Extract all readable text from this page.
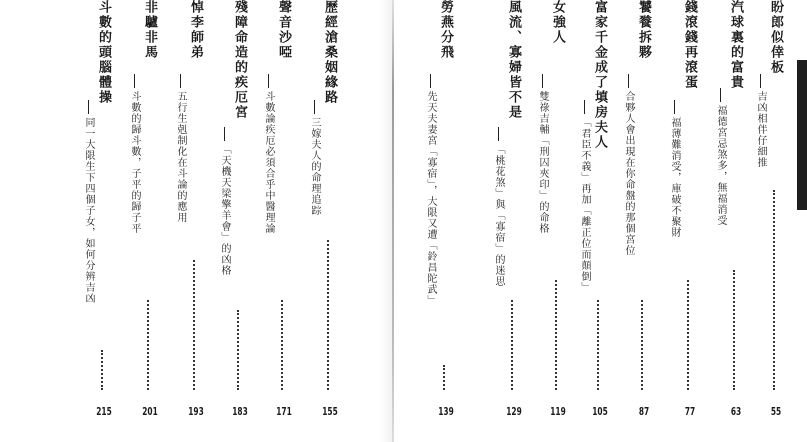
歷經滄桑姻緣路
三嫁夫人的命理追踪
155
聲音沙啞
斗數論疾厄必須合乎中醫理論
171
殘障命造的疾厄宮
「天機天梁擎羊會」的凶格
183
悼李師弟
五行生剋制化在斗論的應用
193
非驢非馬
斗數的歸斗數，子平的歸子平
201
斗數的頭腦體操
同一大限生下四個子女，如何分辨吉凶
215
盼郎似倖板
吉凶相伴仔細推
55
汽球裏的富貴
福德宮忌煞多，無福消受
63
錢滾錢再滾蛋
福薄難消受，庫破不聚財
77
饕餮拆夥
合夥人會出現在你命盤的那個宮位
87
富家千金成了填房夫人
「君臣不義」再加「離正位而顛倒」
105
女強人
雙祿吉輔「刑囚夾印」的命格
119
風流、寡婦皆不是
「桃花煞」與「寡宿」的迷思
129
勞燕分飛
先天夫妻宮「寡宿」，大限又遭「鈴昌陀武」
139
